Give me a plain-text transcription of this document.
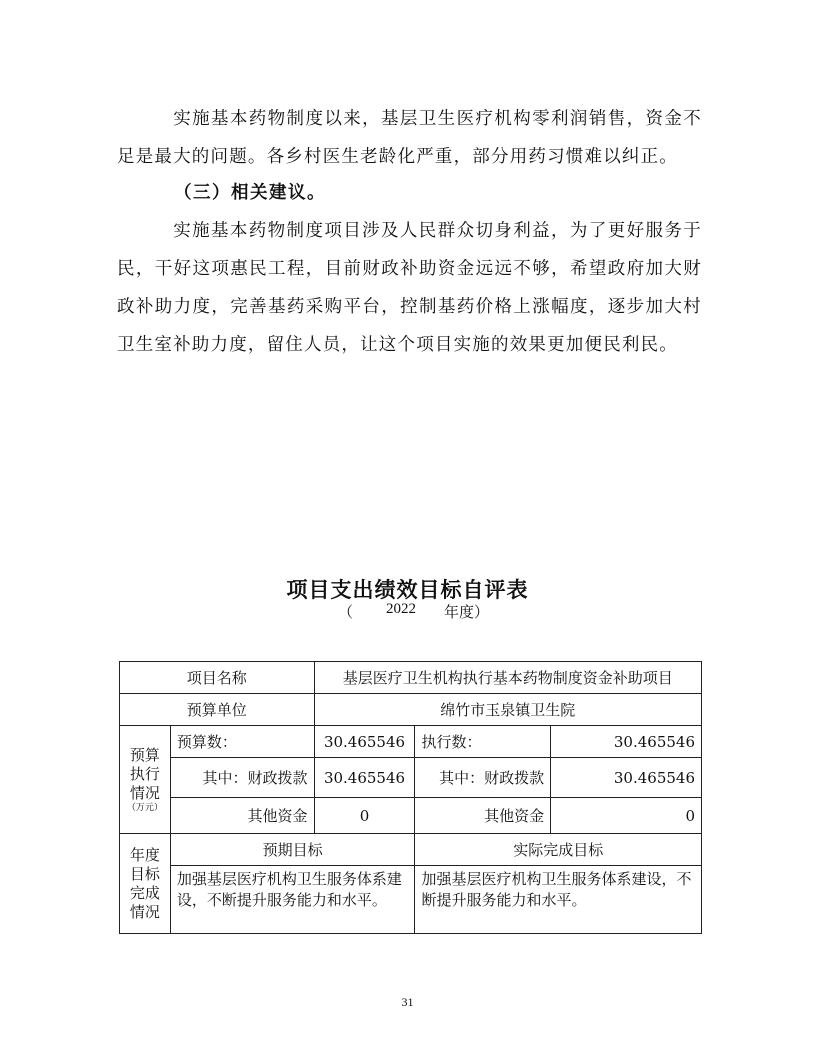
实施基本药物制度以来，基层卫生医疗机构零利润销售，资金不足是最大的问题。各乡村医生老龄化严重，部分用药习惯难以纠正。

（三）相关建议。

实施基本药物制度项目涉及人民群众切身利益，为了更好服务于民，干好这项惠民工程，目前财政补助资金远远不够，希望政府加大财政补助力度，完善基药采购平台，控制基药价格上涨幅度，逐步加大村卫生室补助力度，留住人员，让这个项目实施的效果更加便民利民。

项目支出绩效目标自评表
（ 2022 年度）
项目名称		基层医疗卫生机构执行基本药物制度资金补助项目		
预算单位		绵竹市玉泉镇卫生院		
预算
执行
情况
（万元）	预算数：	30.465546	执行数：	30.465546
	其中：财政拨款	30.465546	其中：财政拨款	30.465546
	其他资金	0	其他资金	0
年度
目标
完成
情况	预期目标		实际完成目标	
	加强基层医疗机构卫生服务体系建设，不断提升服务能力和水平。		加强基层医疗机构卫生服务体系建设，不断提升服务能力和水平。	
31
